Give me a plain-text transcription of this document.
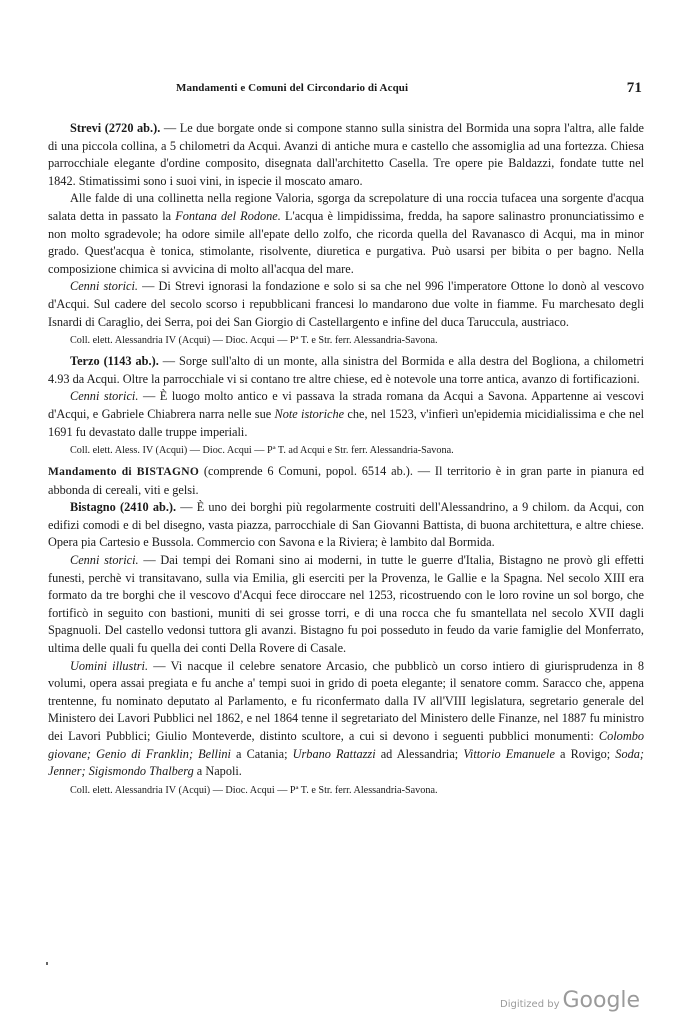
Mandamenti e Comuni del Circondario di Acqui	71

Strevi (2720 ab.). — Le due borgate onde si compone stanno sulla sinistra del Bormida una sopra l'altra, alle falde di una piccola collina, a 5 chilometri da Acqui. Avanzi di antiche mura e castello che assomiglia ad una fortezza. Chiesa parrocchiale elegante d'ordine composito, disegnata dall'architetto Casella. Tre opere pie Baldazzi, fondate tutte nel 1842. Stimatissimi sono i suoi vini, in ispecie il moscato amaro.

Alle falde di una collinetta nella regione Valoria, sgorga da screpolature di una roccia tufacea una sorgente d'acqua salata detta in passato la Fontana del Rodone. L'acqua è limpidissima, fredda, ha sapore salinastro pronunciatissimo e non molto sgradevole; ha odore simile all'epate dello zolfo, che ricorda quella del Ravanasco di Acqui, ma in minor grado. Quest'acqua è tonica, stimolante, risolvente, diuretica e purgativa. Può usarsi per bibita o per bagno. Nella composizione chimica si avvicina di molto all'acqua del mare.

Cenni storici. — Di Strevi ignorasi la fondazione e solo si sa che nel 996 l'imperatore Ottone lo donò al vescovo d'Acqui. Sul cadere del secolo scorso i repubblicani francesi lo mandarono due volte in fiamme. Fu marchesato degli Isnardi di Caraglio, dei Serra, poi dei San Giorgio di Castellargento e infine del duca Taruccula, austriaco.

Coll. elett. Alessandria IV (Acqui) — Dioc. Acqui — Pª T. e Str. ferr. Alessandria-Savona.

Terzo (1143 ab.). — Sorge sull'alto di un monte, alla sinistra del Bormida e alla destra del Bogliona, a chilometri 4.93 da Acqui. Oltre la parrocchiale vi si contano tre altre chiese, ed è notevole una torre antica, avanzo di fortificazioni.

Cenni storici. — È luogo molto antico e vi passava la strada romana da Acqui a Savona. Appartenne ai vescovi d'Acqui, e Gabriele Chiabrera narra nelle sue Note istoriche che, nel 1523, v'infierì un'epidemia micidialissima e che nel 1691 fu devastato dalle truppe imperiali.

Coll. elett. Aless. IV (Acqui) — Dioc. Acqui — Pª T. ad Acqui e Str. ferr. Alessandria-Savona.

Mandamento di BISTAGNO (comprende 6 Comuni, popol. 6514 ab.). — Il territorio è in gran parte in pianura ed abbonda di cereali, viti e gelsi.

Bistagno (2410 ab.). — È uno dei borghi più regolarmente costruiti dell'Alessandrino, a 9 chilom. da Acqui, con edifizi comodi e di bel disegno, vasta piazza, parrocchiale di San Giovanni Battista, di buona architettura, e altre chiese. Opera pia Cartesio e Bussola. Commercio con Savona e la Riviera; è lambito dal Bormida.

Cenni storici. — Dai tempi dei Romani sino ai moderni, in tutte le guerre d'Italia, Bistagno ne provò gli effetti funesti, perchè vi transitavano, sulla via Emilia, gli eserciti per la Provenza, le Gallie e la Spagna. Nel secolo XIII era formato da tre borghi che il vescovo d'Acqui fece diroccare nel 1253, ricostruendo con le loro rovine un sol borgo, che fortificò in seguito con bastioni, muniti di sei grosse torri, e di una rocca che fu smantellata nel secolo XVII dagli Spagnuoli. Del castello vedonsi tuttora gli avanzi. Bistagno fu poi posseduto in feudo da varie famiglie del Monferrato, ultima delle quali fu quella dei conti Della Rovere di Casale.

Uomini illustri. — Vi nacque il celebre senatore Arcasio, che pubblicò un corso intiero di giurisprudenza in 8 volumi, opera assai pregiata e fu anche a' tempi suoi in grido di poeta elegante; il senatore comm. Saracco che, appena trentenne, fu nominato deputato al Parlamento, e fu riconfermato dalla IV all'VIII legislatura, segretario generale del Ministero dei Lavori Pubblici nel 1862, e nel 1864 tenne il segretariato del Ministero delle Finanze, nel 1887 fu ministro dei Lavori Pubblici; Giulio Monteverde, distinto scultore, a cui si devono i seguenti pubblici monumenti: Colombo giovane; Genio di Franklin; Bellini a Catania; Urbano Rattazzi ad Alessandria; Vittorio Emanuele a Rovigo; Soda; Jenner; Sigismondo Thalberg a Napoli.

Coll. elett. Alessandria IV (Acqui) — Dioc. Acqui — Pª T. e Str. ferr. Alessandria-Savona.

Digitized by Google
